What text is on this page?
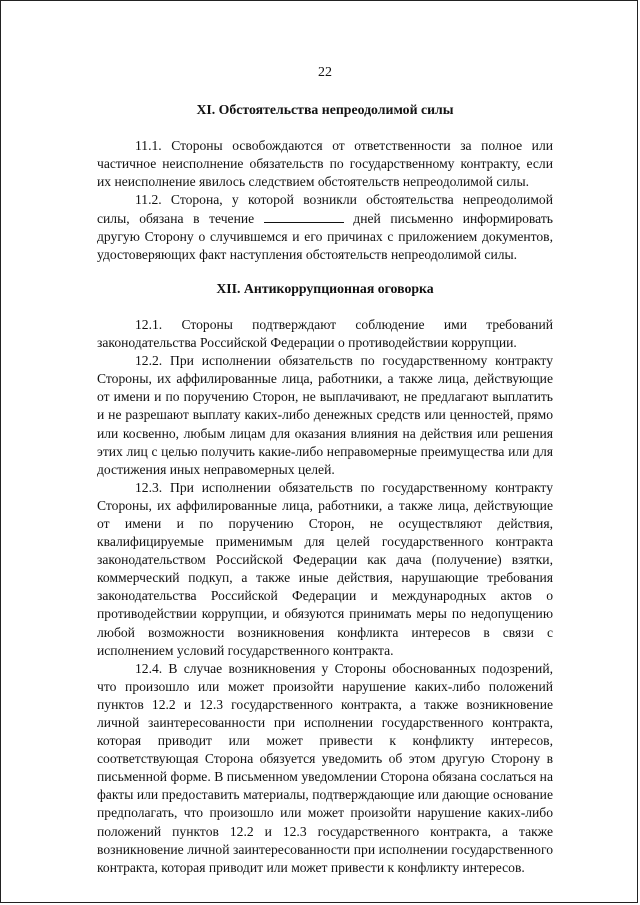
22
XI. Обстоятельства непреодолимой силы

11.1. Стороны освобождаются от ответственности за полное или частичное неисполнение обязательств по государственному контракту, если их неисполнение явилось следствием обстоятельств непреодолимой силы.

11.2. Сторона, у которой возникли обстоятельства непреодолимой силы, обязана в течение	дней письменно информировать другую Сторону о случившемся и его причинах с приложением документов, удостоверяющих факт наступления обстоятельств непреодолимой силы.

XII. Антикоррупционная оговорка

12.1. Стороны подтверждают соблюдение ими требований законодательства Российской Федерации о противодействии коррупции.

12.2. При исполнении обязательств по государственному контракту Стороны, их аффилированные лица, работники, а также лица, действующие от имени и по поручению Сторон, не выплачивают, не предлагают выплатить и не разрешают выплату каких-либо денежных средств или ценностей, прямо или косвенно, любым лицам для оказания влияния на действия или решения этих лиц с целью получить какие-либо неправомерные преимущества или для достижения иных неправомерных целей.

12.3. При исполнении обязательств по государственному контракту Стороны, их аффилированные лица, работники, а также лица, действующие от имени и по поручению Сторон, не осуществляют действия, квалифицируемые применимым для целей государственного контракта законодательством Российской Федерации как дача (получение) взятки, коммерческий подкуп, а также иные действия, нарушающие требования законодательства Российской Федерации и международных актов о противодействии коррупции, и обязуются принимать меры по недопущению любой возможности возникновения конфликта интересов в связи с исполнением условий государственного контракта.

12.4. В случае возникновения у Стороны обоснованных подозрений, что произошло или может произойти нарушение каких-либо положений пунктов 12.2 и 12.3 государственного контракта, а также возникновение личной заинтересованности при исполнении государственного контракта, которая приводит или может привести к конфликту интересов, соответствующая Сторона обязуется уведомить об этом другую Сторону в письменной форме. В письменном уведомлении Сторона обязана сослаться на факты или предоставить материалы, подтверждающие или дающие основание предполагать, что произошло или может произойти нарушение каких-либо положений пунктов 12.2 и 12.3 государственного контракта, а также возникновение личной заинтересованности при исполнении государственного контракта, которая приводит или может привести к конфликту интересов.
